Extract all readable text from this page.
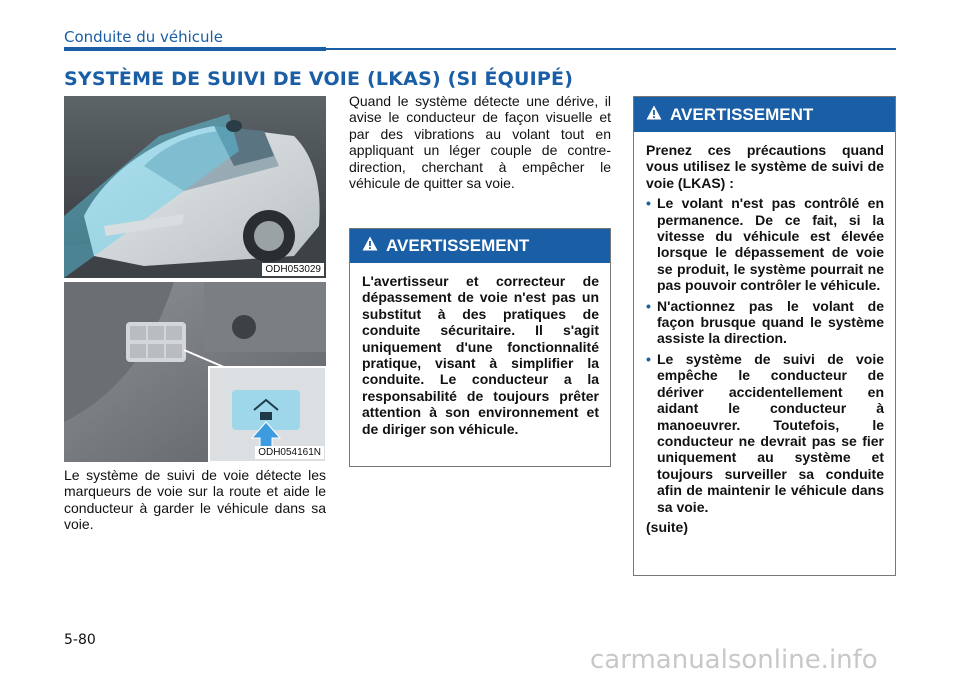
Conduite du véhicule
SYSTÈME DE SUIVI DE VOIE (LKAS) (SI ÉQUIPÉ)
ODH053029
ODH054161N

Le système de suivi de voie détecte les marqueurs de voie sur la route et aide le conducteur à garder le véhicule dans sa voie.

Quand le système détecte une dérive, il avise le conducteur de façon visuelle et par des vibrations au volant tout en appliquant un léger couple de contre-direction, cherchant à empêcher le véhicule de quitter sa voie.

AVERTISSEMENT
L'avertisseur et correcteur de dépassement de voie n'est pas un substitut à des pratiques de conduite sécuritaire. Il s'agit uniquement d'une fonctionnalité pratique, visant à simplifier la conduite. Le conducteur a la responsabilité de toujours prêter attention à son environnement et de diriger son véhicule.
AVERTISSEMENT

Prenez ces précautions quand vous utilisez le système de suivi de voie (LKAS) :

• Le volant n'est pas contrôlé en permanence. De ce fait, si la vitesse du véhicule est élevée lorsque le dépassement de voie se produit, le système pourrait ne pas pouvoir contrôler le véhicule.
• N'actionnez pas le volant de façon brusque quand le système assiste la direction.
• Le système de suivi de voie empêche le conducteur de dériver accidentellement en aidant le conducteur à manoeuvrer. Toutefois, le conducteur ne devrait pas se fier uniquement au système et toujours surveiller sa conduite afin de maintenir le véhicule dans sa voie.

(suite)

5-80
carmanualsonline.info
